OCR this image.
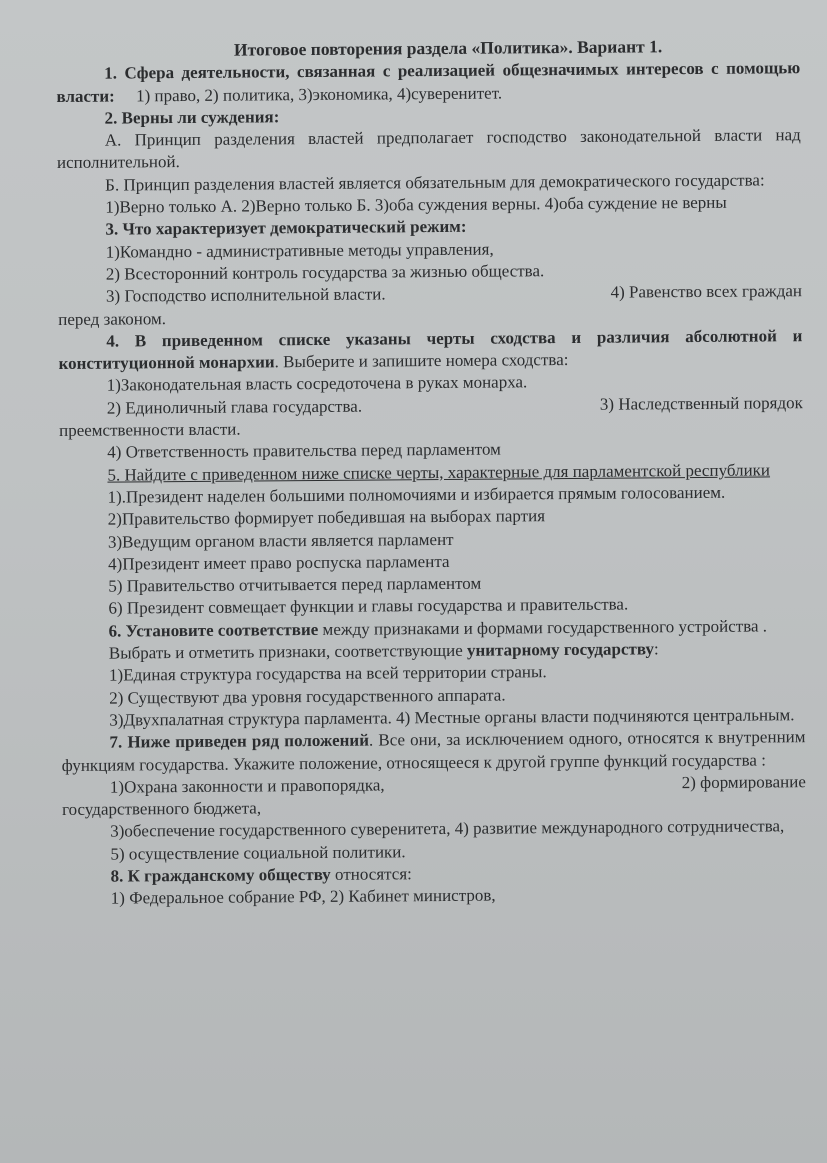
Итоговое повторения раздела «Политика». Вариант 1.

1. Сфера деятельности, связанная с реализацией общезначимых интересов с помощью власти: 1) право, 2) политика, 3)экономика, 4)суверенитет.

2. Верны ли суждения:

А. Принцип разделения властей предполагает господство законодательной власти над исполнительной.

Б. Принцип разделения властей является обязательным для демократического государства:

1)Верно только А. 2)Верно только Б. 3)оба суждения верны. 4)оба суждение не верны

3. Что характеризует демократический режим:

1)Командно - административные методы управления,

2) Всесторонний контроль государства за жизнью общества.

3) Господство исполнительной власти.	4) Равенство всех граждан

перед законом.

4. В приведенном списке указаны черты сходства и различия абсолютной и конституционной монархии. Выберите и запишите номера сходства:

1)Законодательная власть сосредоточена в руках монарха.

2) Единоличный глава государства.	3) Наследственный порядок

преемственности власти.

4) Ответственность правительства перед парламентом

5. Найдите с приведенном ниже списке черты, характерные для парламентской республики

1).Президент наделен большими полномочиями и избирается прямым голосованием.

2)Правительство формирует победившая на выборах партия

3)Ведущим органом власти является парламент

4)Президент имеет право роспуска парламента

5) Правительство отчитывается перед парламентом

6) Президент совмещает функции и главы государства и правительства.

6. Установите соответствие между признаками и формами государственного устройства .

Выбрать и отметить признаки, соответствующие унитарному государству:

1)Единая структура государства на всей территории страны.

2) Существуют два уровня государственного аппарата.

3)Двухпалатная структура парламента. 4) Местные органы власти подчиняются центральным.

7. Ниже приведен ряд положений. Все они, за исключением одного, относятся к внутренним функциям государства. Укажите положение, относящееся к другой группе функций государства :

1)Охрана законности и правопорядка,	2) формирование

государственного бюджета,

3)обеспечение государственного суверенитета, 4) развитие международного сотрудничества,

5) осуществление социальной политики.

8. К гражданскому обществу относятся:

1) Федеральное собрание РФ, 2) Кабинет министров,
